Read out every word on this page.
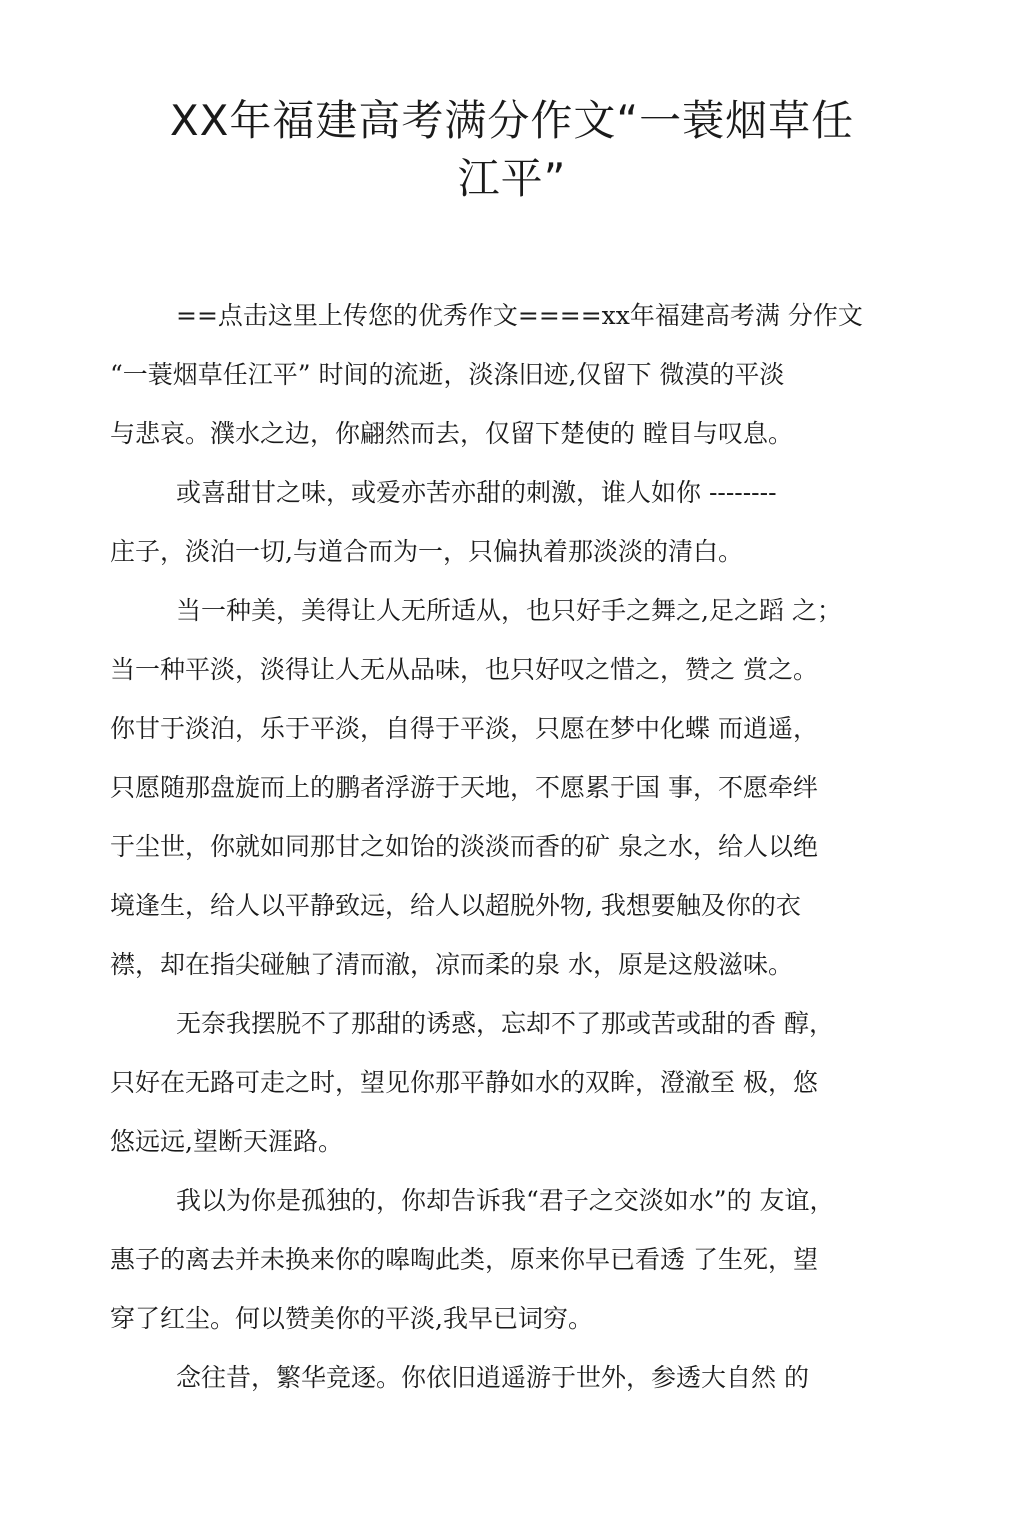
XX年福建高考满分作文“一蓑烟草任
江平”
==点击这里上传您的优秀作文====xx年福建高考满 分作文
“一蓑烟草任江平” 时间的流逝，淡涤旧迹,仅留下 微漠的平淡
与悲哀。濮水之边，你翩然而去，仅留下楚使的 瞠目与叹息。
或喜甜甘之味，或爱亦苦亦甜的刺激，谁人如你 --------
庄子，淡泊一切,与道合而为一，只偏执着那淡淡的清白。
当一种美，美得让人无所适从，也只好手之舞之,足之蹈 之；
当一种平淡，淡得让人无从品味，也只好叹之惜之，赞之 赏之。
你甘于淡泊，乐于平淡，自得于平淡，只愿在梦中化蝶 而逍遥，
只愿随那盘旋而上的鹏者浮游于天地，不愿累于国 事，不愿牵绊
于尘世，你就如同那甘之如饴的淡淡而香的矿 泉之水，给人以绝
境逢生，给人以平静致远，给人以超脱外物, 我想要触及你的衣
襟，却在指尖碰触了清而澈，凉而柔的泉 水，原是这般滋味。
无奈我摆脱不了那甜的诱惑，忘却不了那或苦或甜的香 醇，
只好在无路可走之时，望见你那平静如水的双眸，澄澈至 极，悠
悠远远,望断天涯路。
我以为你是孤独的，你却告诉我“君子之交淡如水”的 友谊，
惠子的离去并未换来你的嗥啕此类，原来你早已看透 了生死，望
穿了红尘。何以赞美你的平淡,我早已词穷。
念往昔，繁华竞逐。你依旧逍遥游于世外，参透大自然 的
